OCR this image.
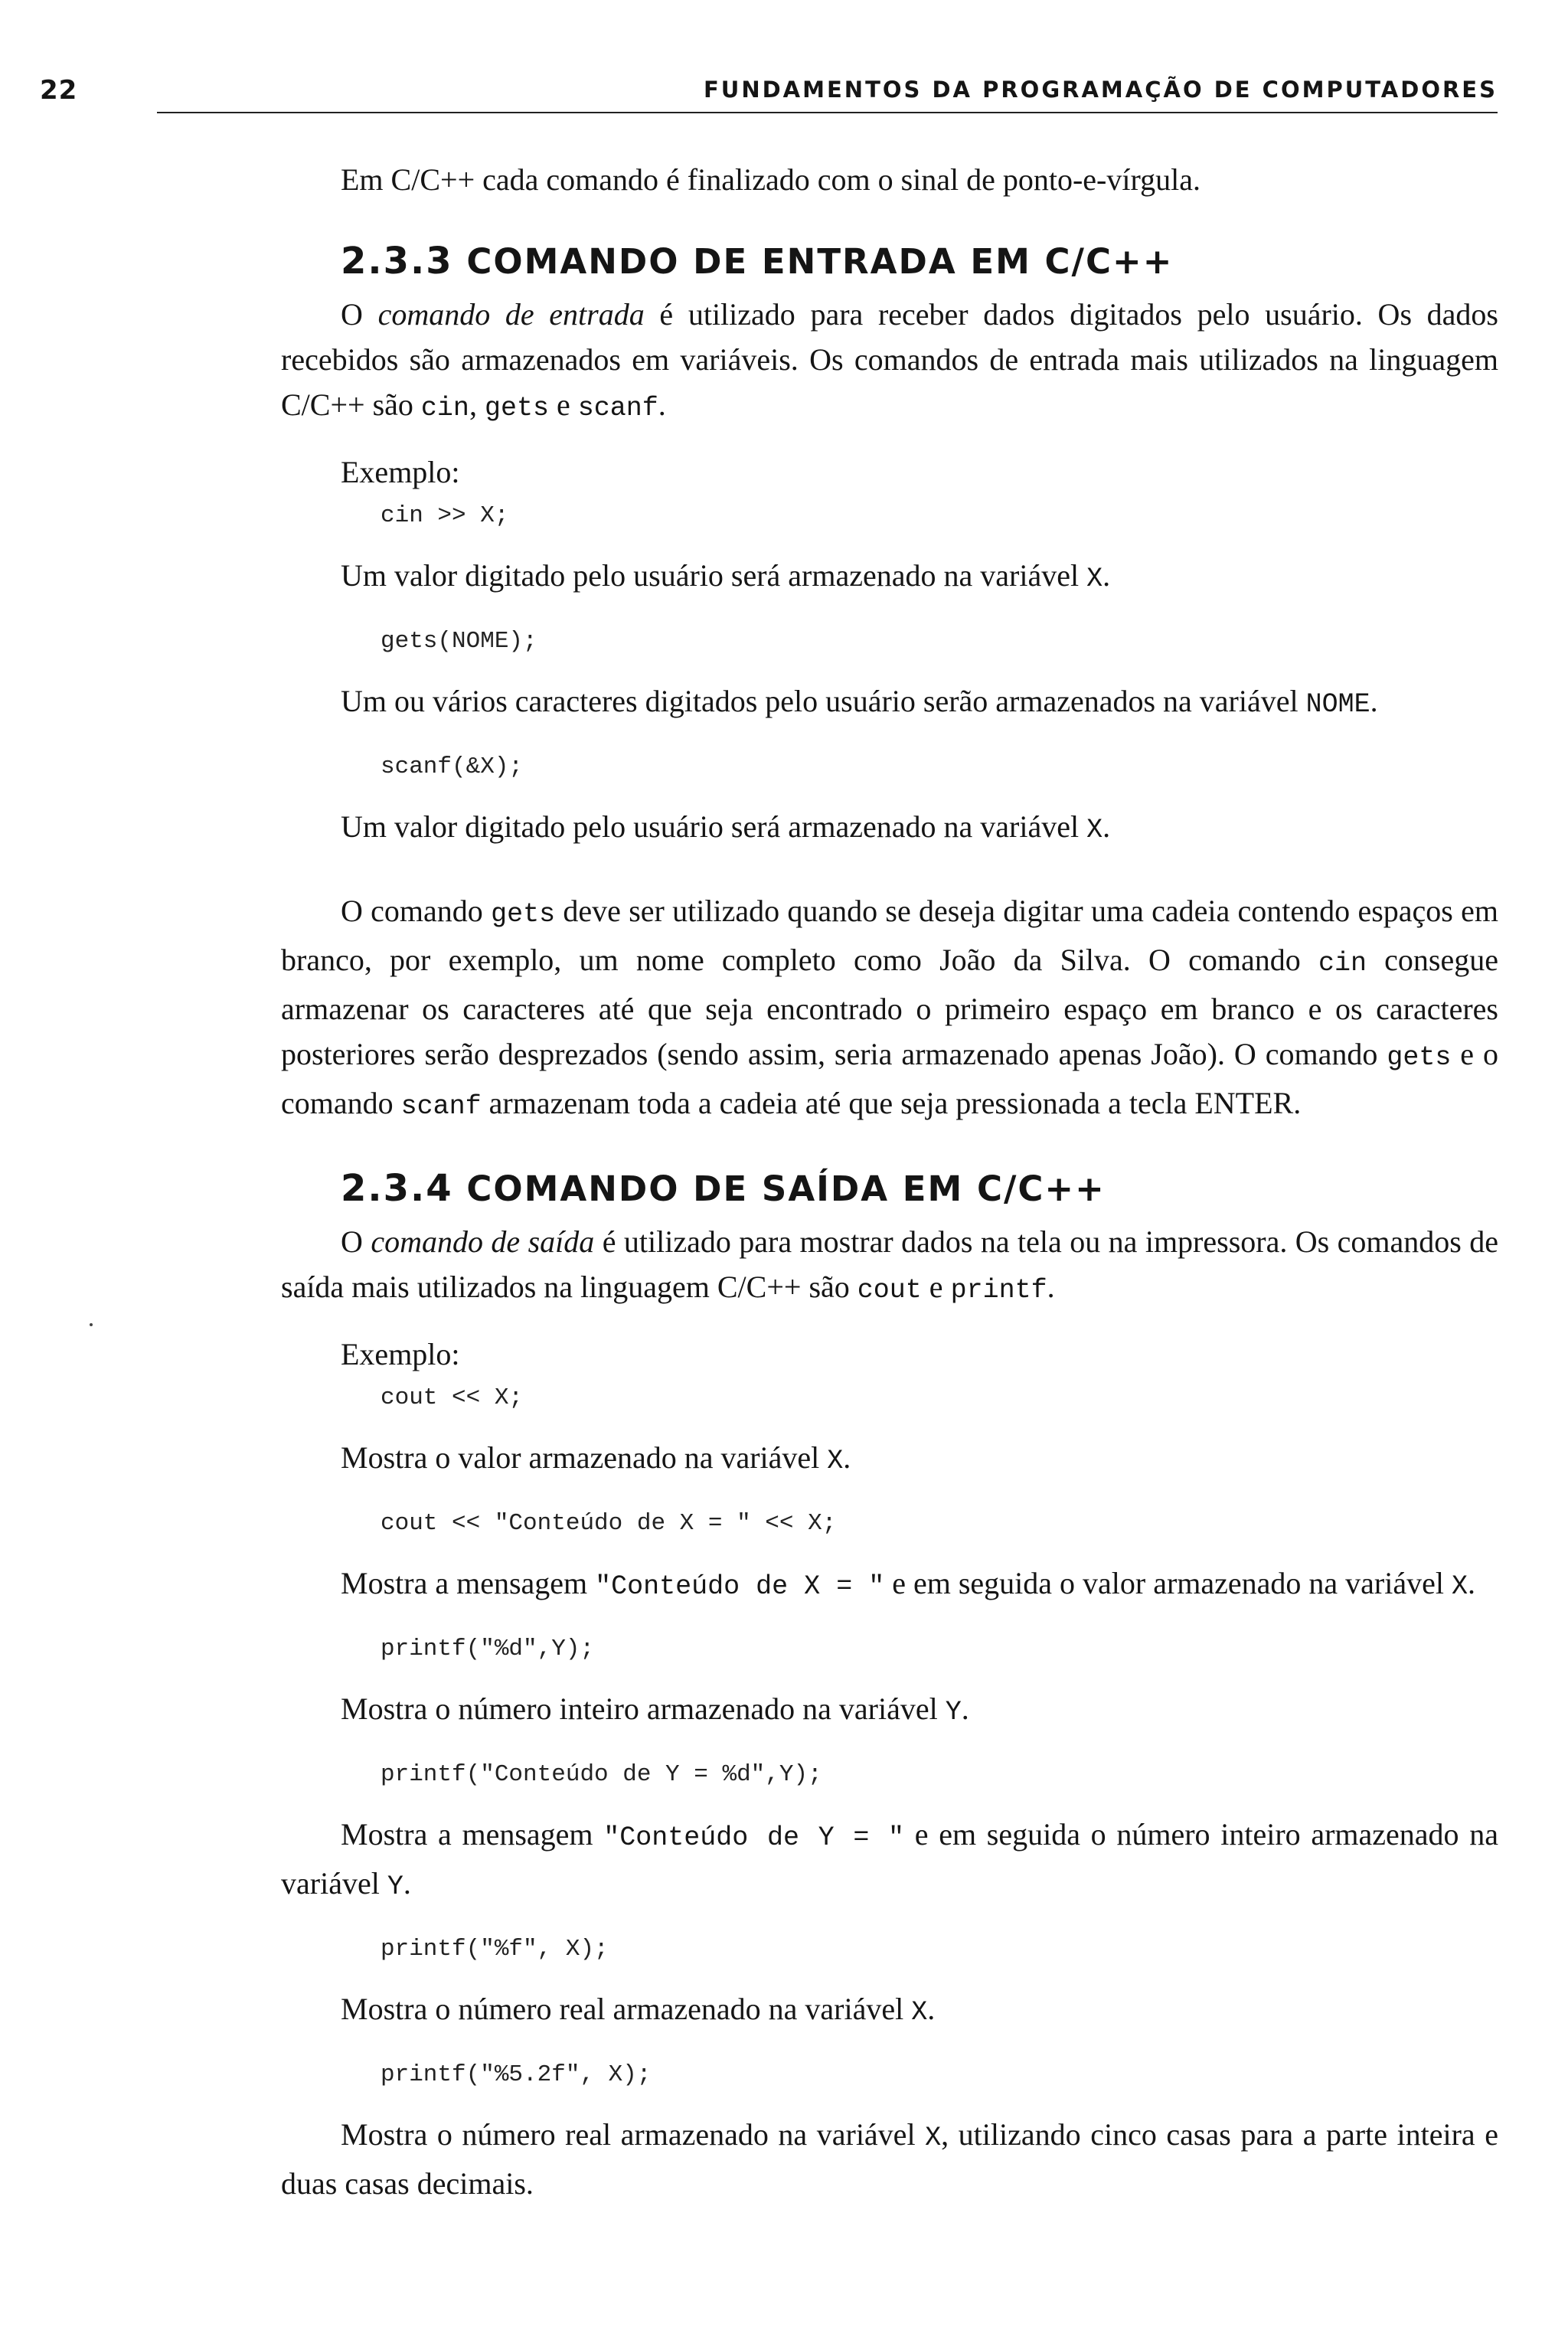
22	FUNDAMENTOS DA PROGRAMAÇÃO DE COMPUTADORES

Em C/C++ cada comando é finalizado com o sinal de ponto-e-vírgula.

2.3.3 COMANDO DE ENTRADA EM C/C++

O comando de entrada é utilizado para receber dados digitados pelo usuário. Os dados recebidos são armazenados em variáveis. Os comandos de entrada mais utilizados na linguagem C/C++ são cin, gets e scanf.

Exemplo:

cin >> X;

Um valor digitado pelo usuário será armazenado na variável X.

gets(NOME);

Um ou vários caracteres digitados pelo usuário serão armazenados na variável NOME.

scanf(&X);

Um valor digitado pelo usuário será armazenado na variável X.

O comando gets deve ser utilizado quando se deseja digitar uma cadeia contendo espaços em branco, por exemplo, um nome completo como João da Silva. O comando cin consegue armazenar os caracteres até que seja encontrado o primeiro espaço em branco e os caracteres posteriores serão desprezados (sendo assim, seria armazenado apenas João). O comando gets e o comando scanf armazenam toda a cadeia até que seja pressionada a tecla ENTER.

2.3.4 COMANDO DE SAÍDA EM C/C++

O comando de saída é utilizado para mostrar dados na tela ou na impressora. Os comandos de saída mais utilizados na linguagem C/C++ são cout e printf.

Exemplo:

cout << X;

Mostra o valor armazenado na variável X.

cout << "Conteúdo de X = " << X;

Mostra a mensagem "Conteúdo de X = " e em seguida o valor armazenado na variável X.

printf("%d",Y);

Mostra o número inteiro armazenado na variável Y.

printf("Conteúdo de Y = %d",Y);

Mostra a mensagem "Conteúdo de Y = " e em seguida o número inteiro armazenado na variável Y.

printf("%f", X);

Mostra o número real armazenado na variável X.

printf("%5.2f", X);

Mostra o número real armazenado na variável X, utilizando cinco casas para a parte inteira e duas casas decimais.
